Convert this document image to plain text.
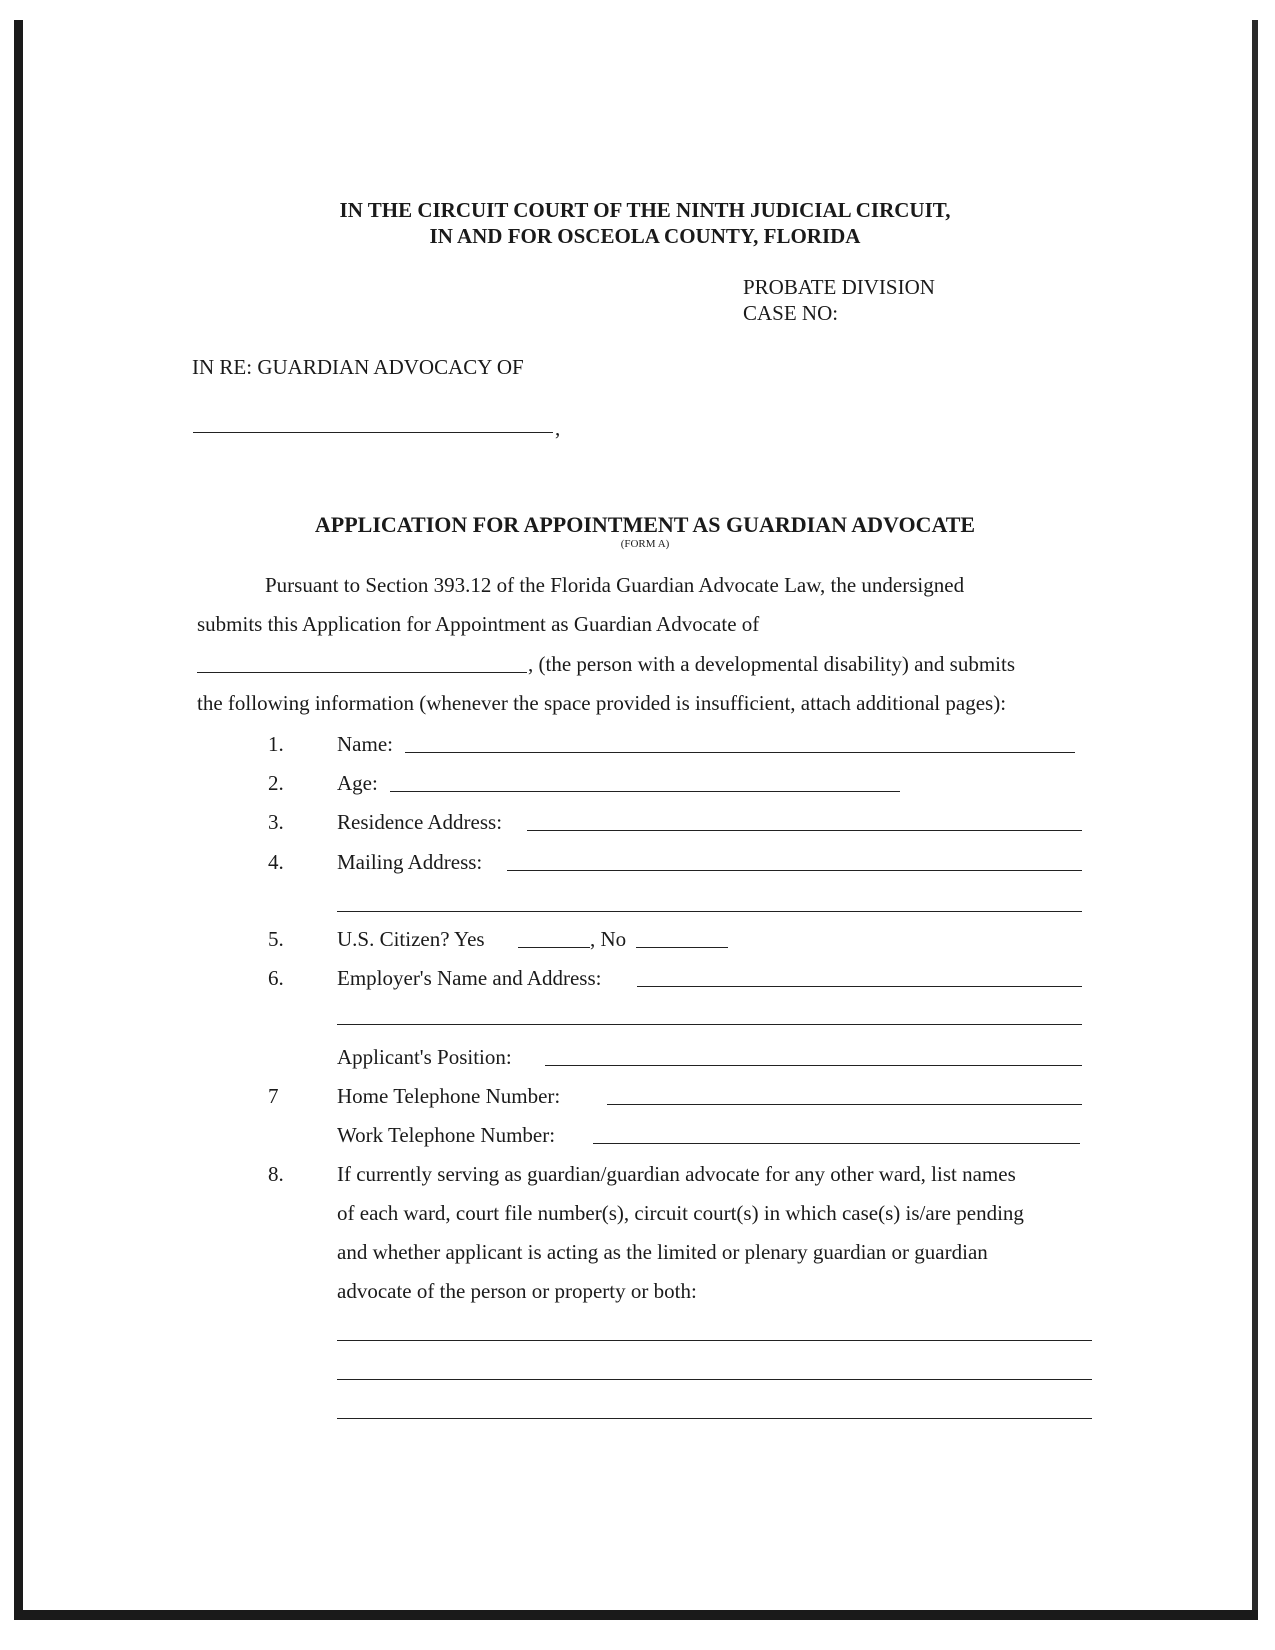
IN THE CIRCUIT COURT OF THE NINTH JUDICIAL CIRCUIT,
IN AND FOR OSCEOLA COUNTY, FLORIDA
PROBATE DIVISION
CASE NO:
IN RE: GUARDIAN ADVOCACY OF
,
APPLICATION FOR APPOINTMENT AS GUARDIAN ADVOCATE
(FORM A)
Pursuant to Section 393.12 of the Florida Guardian Advocate Law, the undersigned
submits this Application for Appointment as Guardian Advocate of
, (the person with a developmental disability) and submits
the following information (whenever the space provided is insufficient, attach additional pages):
1.	Name:
2.	Age:
3.	Residence Address:
4.	Mailing Address:
5.	U.S. Citizen? Yes	, No
6.	Employer's Name and Address:
Applicant's Position:
7	Home Telephone Number:
Work Telephone Number:
8.	If currently serving as guardian/guardian advocate for any other ward, list names
of each ward, court file number(s), circuit court(s) in which case(s) is/are pending
and whether applicant is acting as the limited or plenary guardian or guardian
advocate of the person or property or both:
